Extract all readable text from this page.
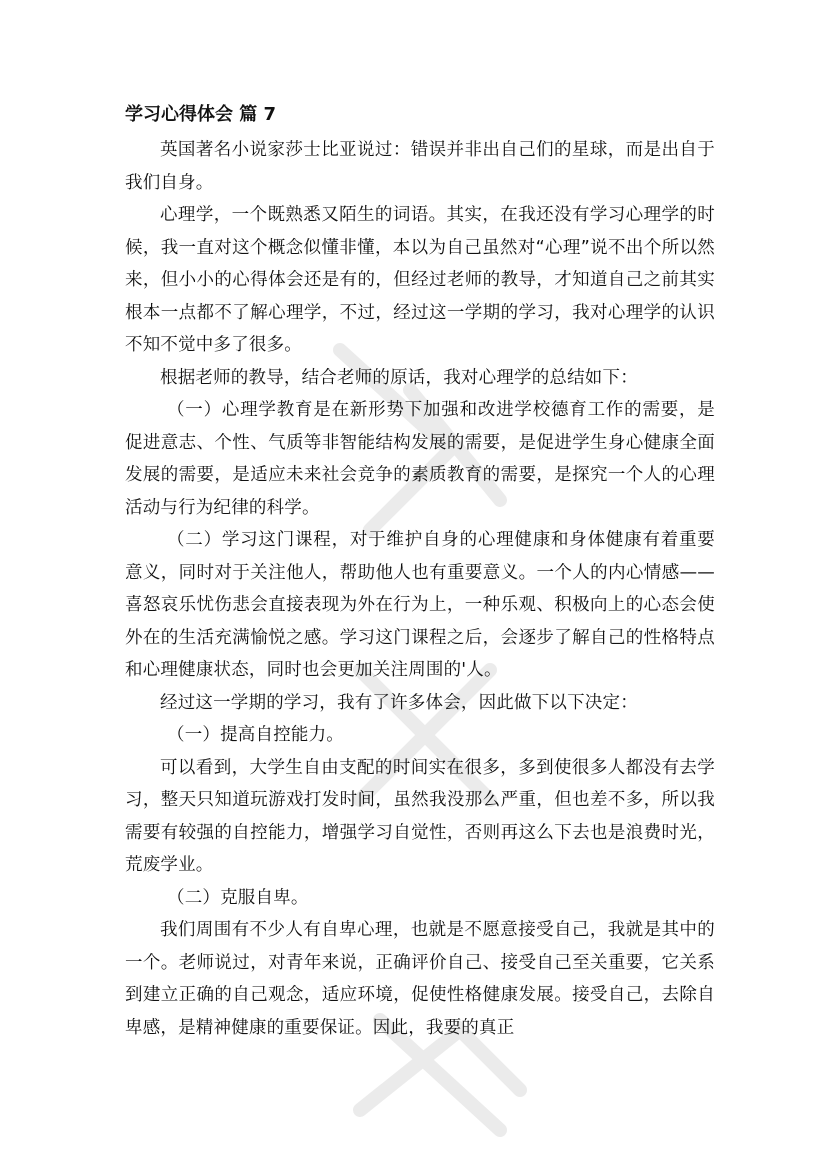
学习心得体会 篇 7

英国著名小说家莎士比亚说过：错误并非出自己们的星球，而是出自于我们自身。

心理学，一个既熟悉又陌生的词语。其实，在我还没有学习心理学的时候，我一直对这个概念似懂非懂，本以为自己虽然对“心理”说不出个所以然来，但小小的心得体会还是有的，但经过老师的教导，才知道自己之前其实根本一点都不了解心理学，不过，经过这一学期的学习，我对心理学的认识不知不觉中多了很多。

根据老师的教导，结合老师的原话，我对心理学的总结如下：

（一）心理学教育是在新形势下加强和改进学校德育工作的需要，是促进意志、个性、气质等非智能结构发展的需要，是促进学生身心健康全面发展的需要，是适应未来社会竞争的素质教育的需要，是探究一个人的心理活动与行为纪律的科学。

（二）学习这门课程，对于维护自身的心理健康和身体健康有着重要意义，同时对于关注他人，帮助他人也有重要意义。一个人的内心情感——喜怒哀乐忧伤悲会直接表现为外在行为上，一种乐观、积极向上的心态会使外在的生活充满愉悦之感。学习这门课程之后，会逐步了解自己的性格特点和心理健康状态，同时也会更加关注周围的'人。

经过这一学期的学习，我有了许多体会，因此做下以下决定：

（一）提高自控能力。

可以看到，大学生自由支配的时间实在很多，多到使很多人都没有去学习，整天只知道玩游戏打发时间，虽然我没那么严重，但也差不多，所以我需要有较强的自控能力，增强学习自觉性，否则再这么下去也是浪费时光，荒废学业。

（二）克服自卑。

我们周围有不少人有自卑心理，也就是不愿意接受自己，我就是其中的一个。老师说过，对青年来说，正确评价自己、接受自己至关重要，它关系到建立正确的自己观念，适应环境，促使性格健康发展。接受自己，去除自卑感，是精神健康的重要保证。因此，我要的真正
